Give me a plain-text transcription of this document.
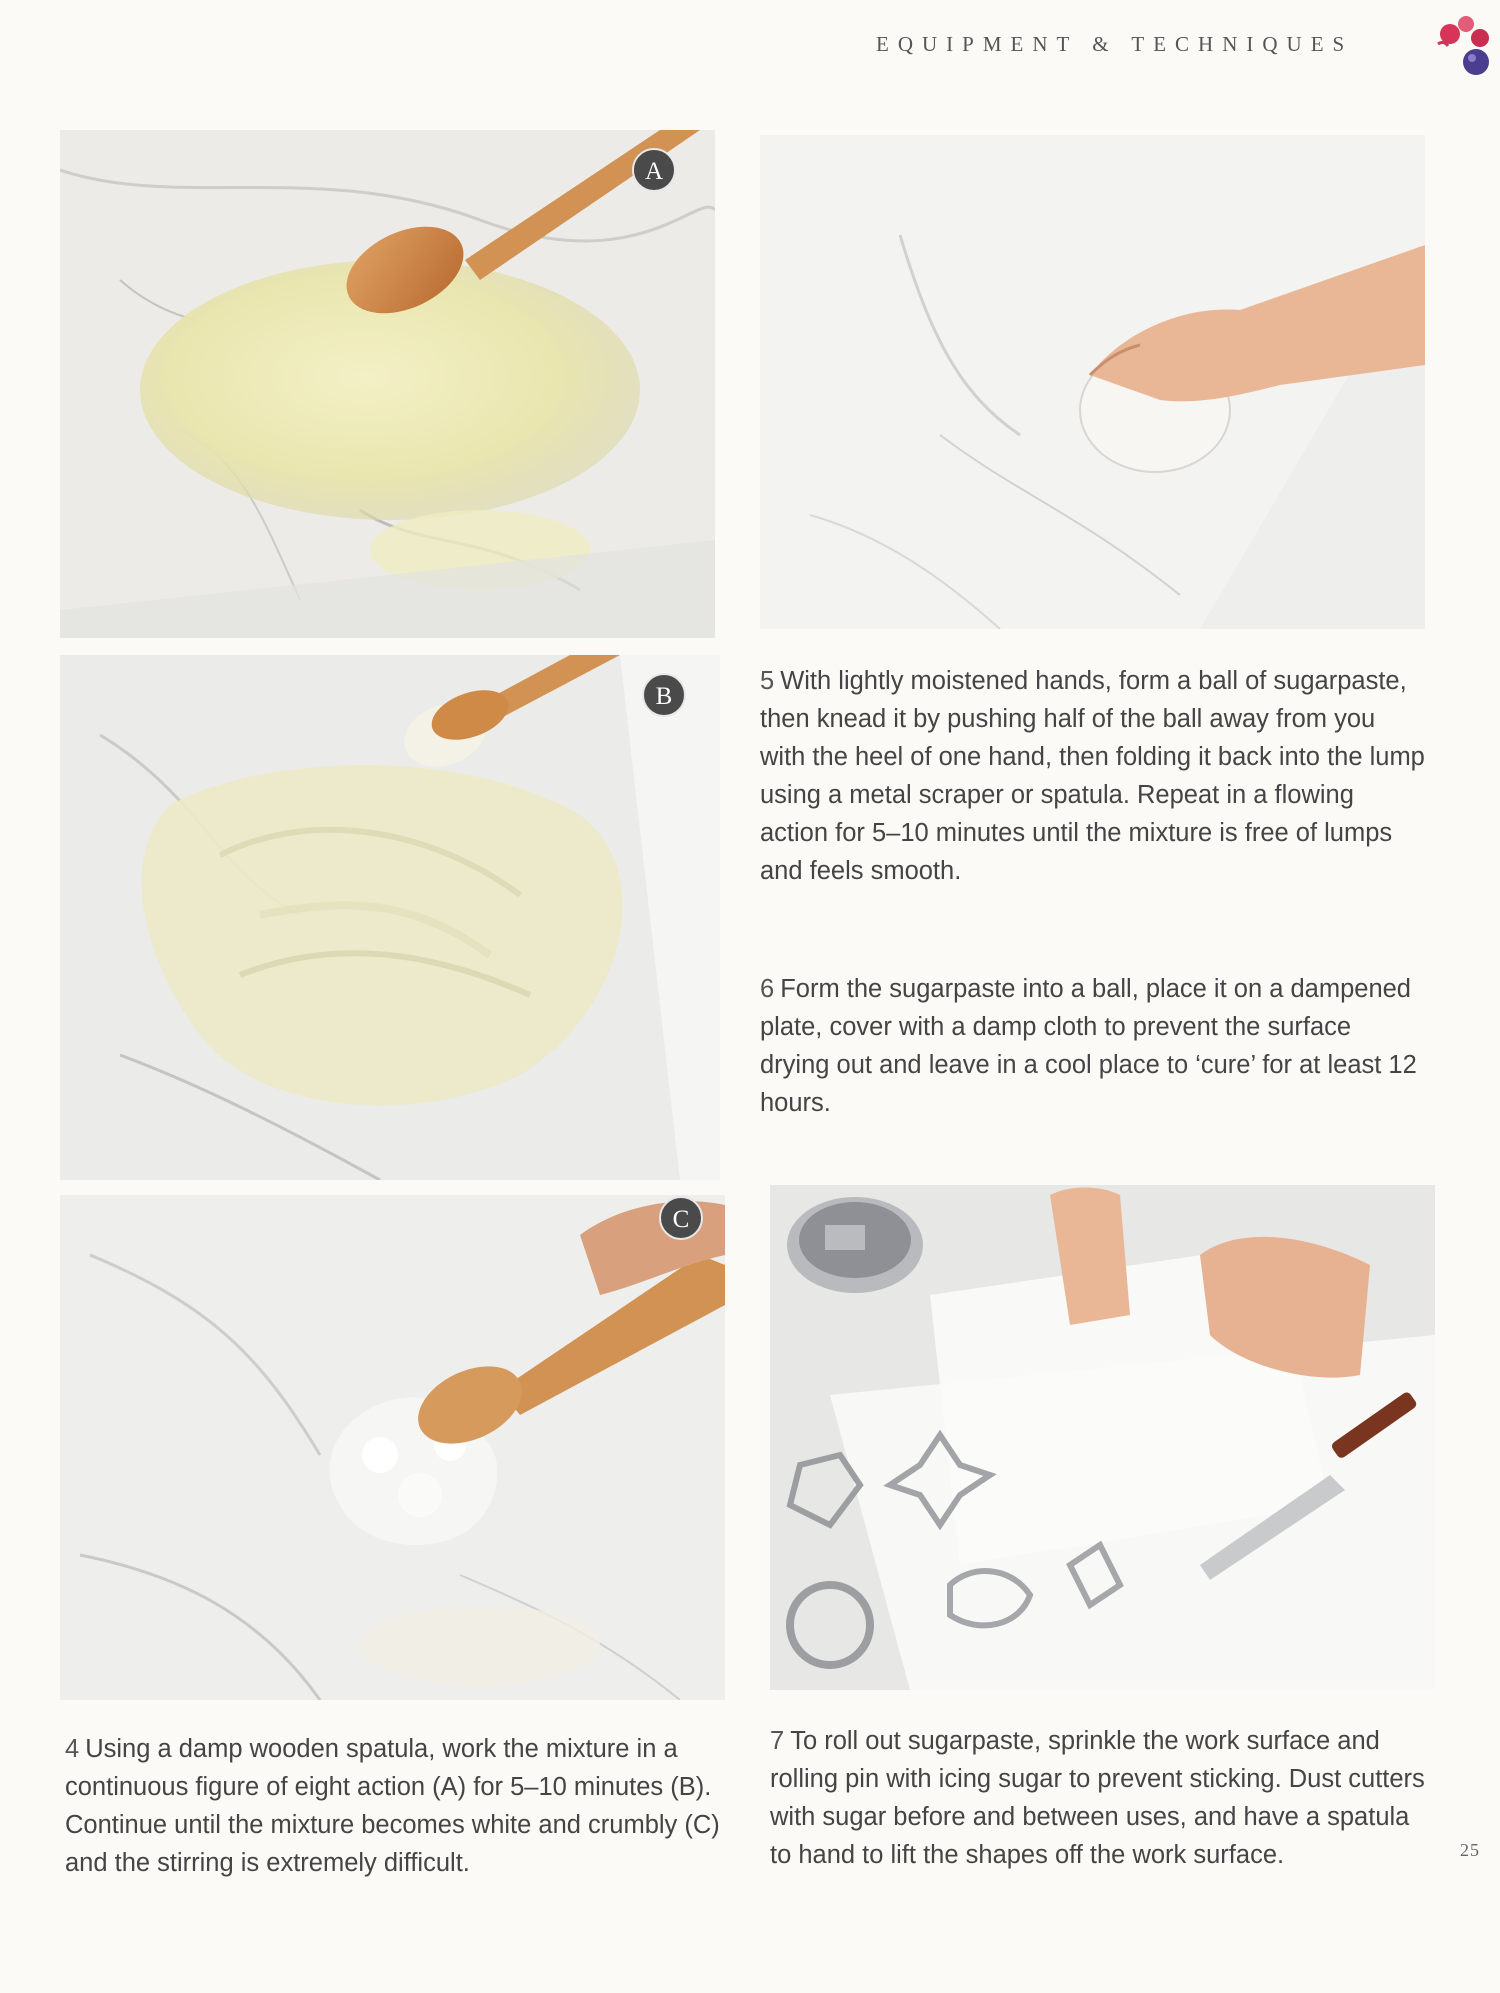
EQUIPMENT & TECHNIQUES
A
B
C
5 With lightly moistened hands, form a ball of sugarpaste, then knead it by pushing half of the ball away from you with the heel of one hand, then folding it back into the lump using a metal scraper or spatula. Repeat in a flowing action for 5–10 minutes until the mixture is free of lumps and feels smooth.
6 Form the sugarpaste into a ball, place it on a dampened plate, cover with a damp cloth to prevent the surface drying out and leave in a cool place to ‘cure’ for at least 12 hours.
4 Using a damp wooden spatula, work the mixture in a continuous figure of eight action (A) for 5–10 minutes (B). Continue until the mixture becomes white and crumbly (C) and the stirring is extremely difficult.
7 To roll out sugarpaste, sprinkle the work surface and rolling pin with icing sugar to prevent sticking. Dust cutters with sugar before and between uses, and have a spatula to hand to lift the shapes off the work surface.	25
